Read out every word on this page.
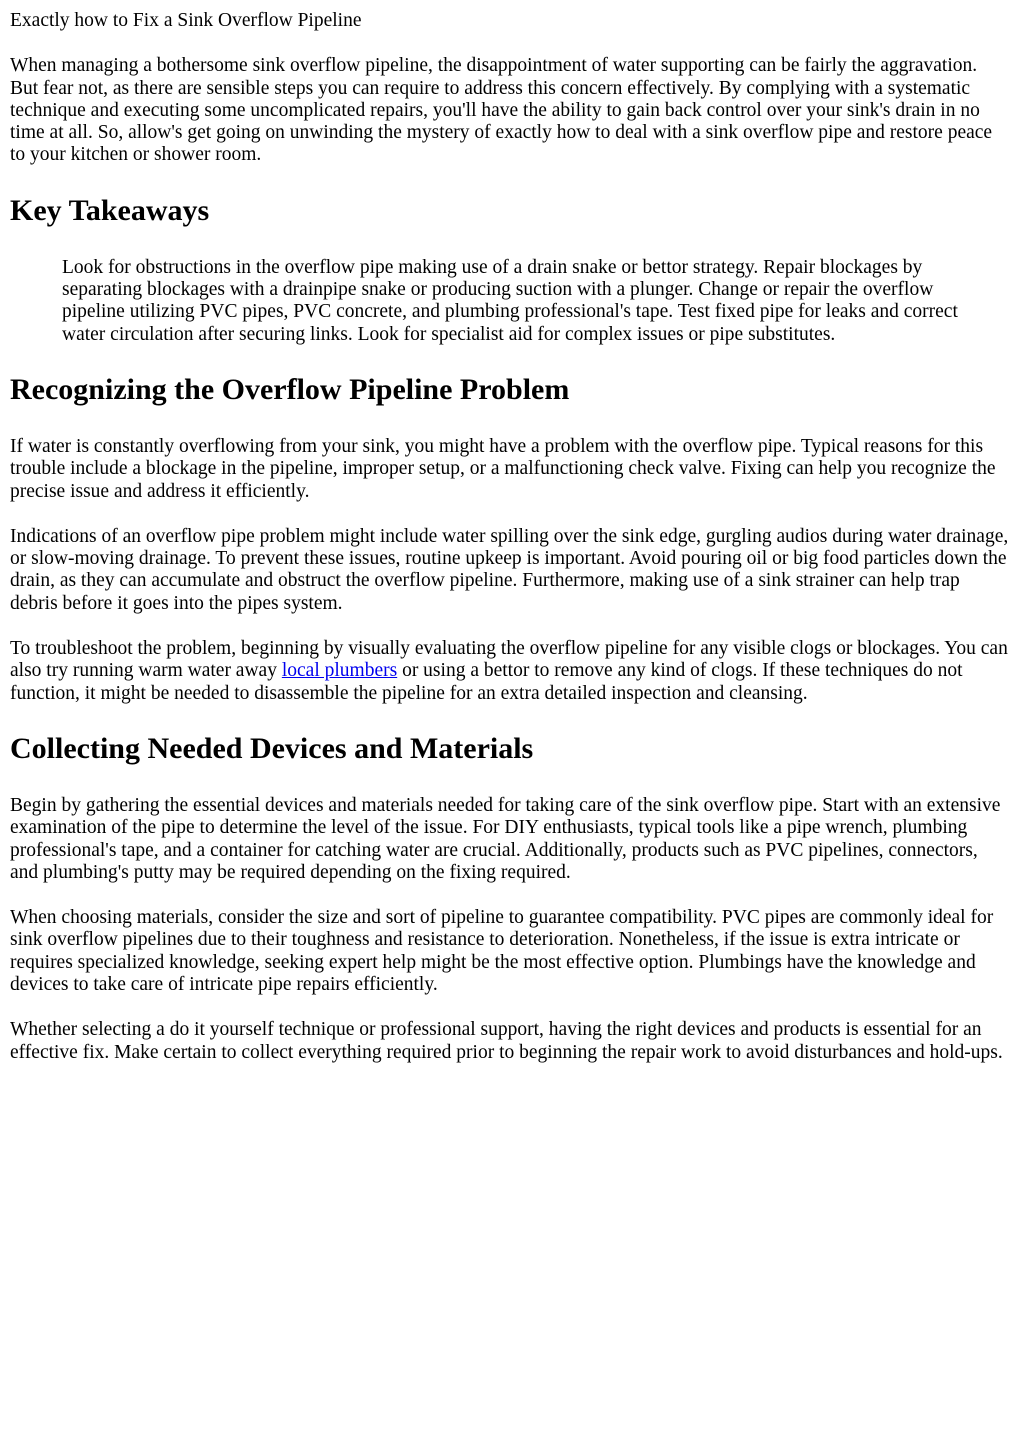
Exactly how to Fix a Sink Overflow Pipeline

When managing a bothersome sink overflow pipeline, the disappointment of water supporting can be fairly the aggravation. But fear not, as there are sensible steps you can require to address this concern effectively. By complying with a systematic technique and executing some uncomplicated repairs, you'll have the ability to gain back control over your sink's drain in no time at all. So, allow's get going on unwinding the mystery of exactly how to deal with a sink overflow pipe and restore peace to your kitchen or shower room.

Key Takeaways
Look for obstructions in the overflow pipe making use of a drain snake or bettor strategy. Repair blockages by separating blockages with a drainpipe snake or producing suction with a plunger. Change or repair the overflow pipeline utilizing PVC pipes, PVC concrete, and plumbing professional's tape. Test fixed pipe for leaks and correct water circulation after securing links. Look for specialist aid for complex issues or pipe substitutes.
Recognizing the Overflow Pipeline Problem

If water is constantly overflowing from your sink, you might have a problem with the overflow pipe. Typical reasons for this trouble include a blockage in the pipeline, improper setup, or a malfunctioning check valve. Fixing can help you recognize the precise issue and address it efficiently.

Indications of an overflow pipe problem might include water spilling over the sink edge, gurgling audios during water drainage, or slow-moving drainage. To prevent these issues, routine upkeep is important. Avoid pouring oil or big food particles down the drain, as they can accumulate and obstruct the overflow pipeline. Furthermore, making use of a sink strainer can help trap debris before it goes into the pipes system.

To troubleshoot the problem, beginning by visually evaluating the overflow pipeline for any visible clogs or blockages. You can also try running warm water away local plumbers or using a bettor to remove any kind of clogs. If these techniques do not function, it might be needed to disassemble the pipeline for an extra detailed inspection and cleansing.

Collecting Needed Devices and Materials

Begin by gathering the essential devices and materials needed for taking care of the sink overflow pipe. Start with an extensive examination of the pipe to determine the level of the issue. For DIY enthusiasts, typical tools like a pipe wrench, plumbing professional's tape, and a container for catching water are crucial. Additionally, products such as PVC pipelines, connectors, and plumbing's putty may be required depending on the fixing required.

When choosing materials, consider the size and sort of pipeline to guarantee compatibility. PVC pipes are commonly ideal for sink overflow pipelines due to their toughness and resistance to deterioration. Nonetheless, if the issue is extra intricate or requires specialized knowledge, seeking expert help might be the most effective option. Plumbings have the knowledge and devices to take care of intricate pipe repairs efficiently.

Whether selecting a do it yourself technique or professional support, having the right devices and products is essential for an effective fix. Make certain to collect everything required prior to beginning the repair work to avoid disturbances and hold-ups.
